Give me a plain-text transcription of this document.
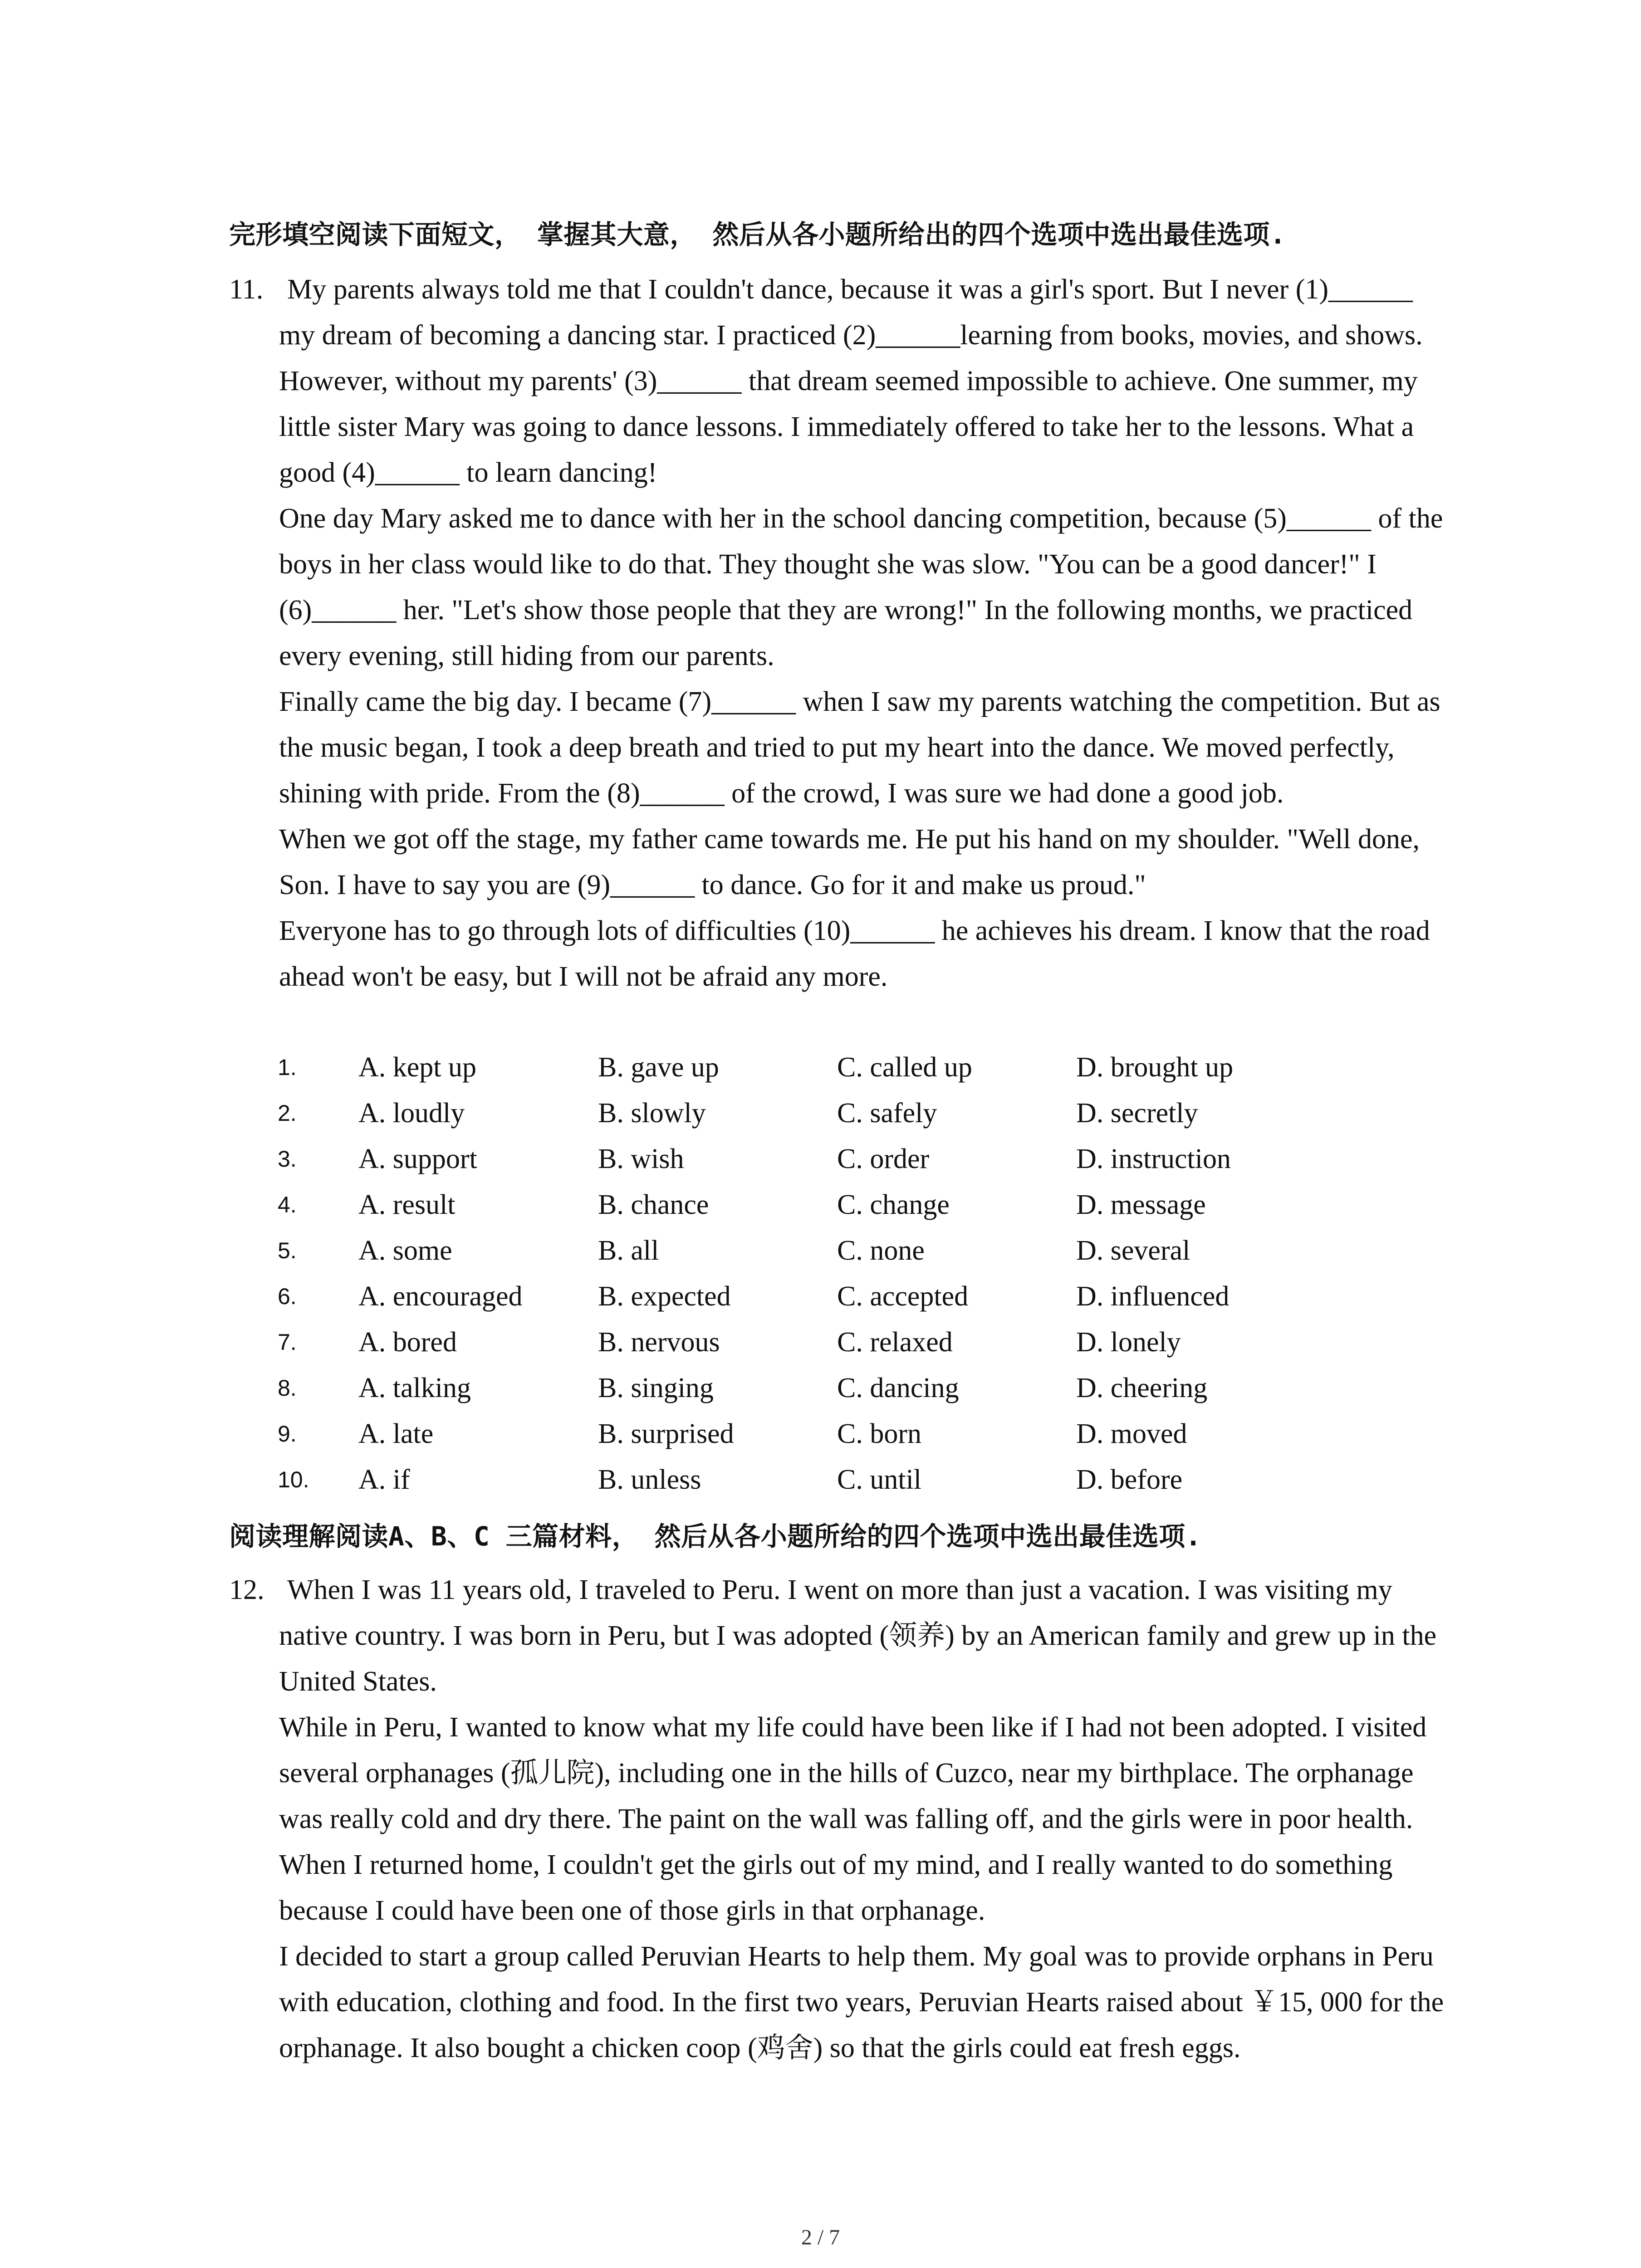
完形填空阅读下面短文， 掌握其大意， 然后从各小题所给出的四个选项中选出最佳选项.
11. My parents always told me that I couldn't dance, because it was a girl's sport. But I never (1)______ my dream of becoming a dancing star. I practiced (2)______learning from books, movies, and shows. However, without my parents' (3)______ that dream seemed impossible to achieve. One summer, my little sister Mary was going to dance lessons. I immediately offered to take her to the lessons. What a good (4)______ to learn dancing!

One day Mary asked me to dance with her in the school dancing competition, because (5)______ of the boys in her class would like to do that. They thought she was slow. "You can be a good dancer!" I (6)______ her. "Let's show those people that they are wrong!" In the following months, we practiced every evening, still hiding from our parents.

Finally came the big day. I became (7)______ when I saw my parents watching the competition. But as the music began, I took a deep breath and tried to put my heart into the dance. We moved perfectly, shining with pride. From the (8)______ of the crowd, I was sure we had done a good job.

When we got off the stage, my father came towards me. He put his hand on my shoulder. "Well done, Son. I have to say you are (9)______ to dance. Go for it and make us proud."

Everyone has to go through lots of difficulties (10)______ he achieves his dream. I know that the road ahead won't be easy, but I will not be afraid any more.

1. A. kept up	B. gave up	C. called up	D. brought up
2. A. loudly	B. slowly	C. safely	D. secretly
3. A. support	B. wish	C. order	D. instruction
4. A. result	B. chance	C. change	D. message
5. A. some	B. all	C. none	D. several
6. A. encouraged	B. expected	C. accepted	D. influenced
7. A. bored	B. nervous	C. relaxed	D. lonely
8. A. talking	B. singing	C. dancing	D. cheering
9. A. late	B. surprised	C. born	D. moved
10. A. if	B. unless	C. until	D. before
阅读理解阅读A、B、C 三篇材料， 然后从各小题所给的四个选项中选出最佳选项.
12. When I was 11 years old, I traveled to Peru. I went on more than just a vacation. I was visiting my native country. I was born in Peru, but I was adopted (领养) by an American family and grew up in the United States.

While in Peru, I wanted to know what my life could have been like if I had not been adopted. I visited several orphanages (孤儿院), including one in the hills of Cuzco, near my birthplace. The orphanage was really cold and dry there. The paint on the wall was falling off, and the girls were in poor health.

When I returned home, I couldn't get the girls out of my mind, and I really wanted to do something because I could have been one of those girls in that orphanage.

I decided to start a group called Peruvian Hearts to help them. My goal was to provide orphans in Peru with education, clothing and food. In the first two years, Peruvian Hearts raised about ￥15, 000 for the orphanage. It also bought a chicken coop (鸡舍) so that the girls could eat fresh eggs.

2 / 7
